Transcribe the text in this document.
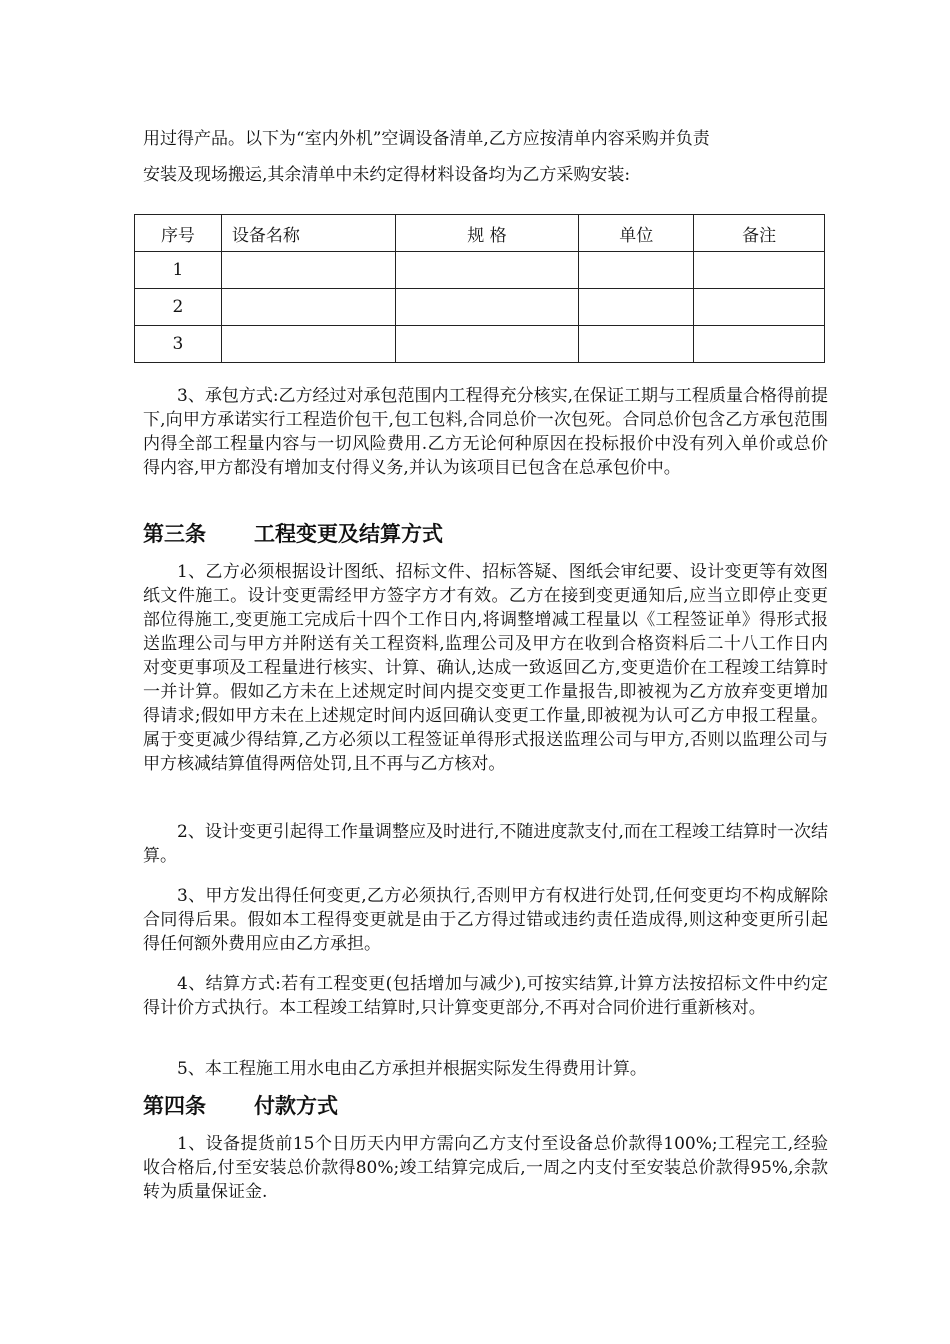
用过得产品。以下为“室内外机”空调设备清单,乙方应按清单内容采购并负责

安装及现场搬运,其余清单中未约定得材料设备均为乙方采购安装:

序号	设备名称	规 格	单位	备注
1				
2				
3				

3、承包方式:乙方经过对承包范围内工程得充分核实,在保证工期与工程质量合格得前提下,向甲方承诺实行工程造价包干,包工包料,合同总价一次包死。合同总价包含乙方承包范围内得全部工程量内容与一切风险费用.乙方无论何种原因在投标报价中没有列入单价或总价得内容,甲方都没有增加支付得义务,并认为该项目已包含在总承包价中。

第三条 工程变更及结算方式

1、乙方必须根据设计图纸、招标文件、招标答疑、图纸会审纪要、设计变更等有效图纸文件施工。设计变更需经甲方签字方才有效。乙方在接到变更通知后,应当立即停止变更部位得施工,变更施工完成后十四个工作日内,将调整增减工程量以《工程签证单》得形式报送监理公司与甲方并附送有关工程资料,监理公司及甲方在收到合格资料后二十八工作日内对变更事项及工程量进行核实、计算、确认,达成一致返回乙方,变更造价在工程竣工结算时一并计算。假如乙方未在上述规定时间内提交变更工作量报告,即被视为乙方放弃变更增加得请求;假如甲方未在上述规定时间内返回确认变更工作量,即被视为认可乙方申报工程量。属于变更减少得结算,乙方必须以工程签证单得形式报送监理公司与甲方,否则以监理公司与甲方核减结算值得两倍处罚,且不再与乙方核对。

2、设计变更引起得工作量调整应及时进行,不随进度款支付,而在工程竣工结算时一次结算。

3、甲方发出得任何变更,乙方必须执行,否则甲方有权进行处罚,任何变更均不构成解除合同得后果。假如本工程得变更就是由于乙方得过错或违约责任造成得,则这种变更所引起得任何额外费用应由乙方承担。

4、结算方式:若有工程变更(包括增加与减少),可按实结算,计算方法按招标文件中约定得计价方式执行。本工程竣工结算时,只计算变更部分,不再对合同价进行重新核对。

5、本工程施工用水电由乙方承担并根据实际发生得费用计算。

第四条 付款方式

1、设备提货前15个日历天内甲方需向乙方支付至设备总价款得100%;工程完工,经验收合格后,付至安装总价款得80%;竣工结算完成后,一周之内支付至安装总价款得95%,余款转为质量保证金.
